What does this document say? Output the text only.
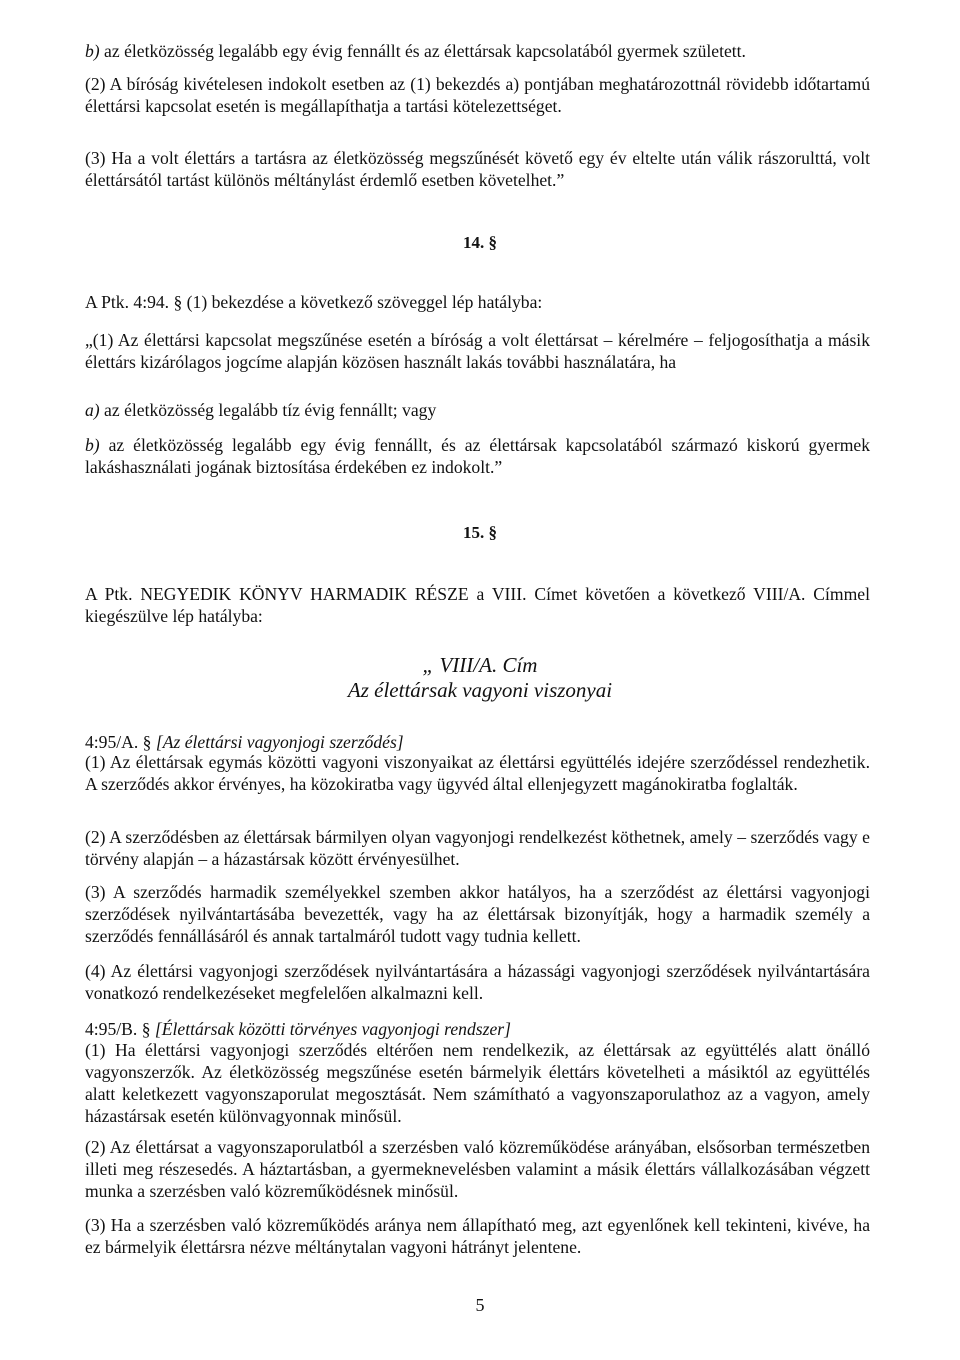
b) az életközösség legalább egy évig fennállt és az élettársak kapcsolatából gyermek született.

(2) A bíróság kivételesen indokolt esetben az (1) bekezdés a) pontjában meghatározottnál rövidebb időtartamú élettársi kapcsolat esetén is megállapíthatja a tartási kötelezettséget.

(3) Ha a volt élettárs a tartásra az életközösség megszűnését követő egy év eltelte után válik rászorulttá, volt élettársától tartást különös méltánylást érdemlő esetben követelhet.”

14. §

A Ptk. 4:94. § (1) bekezdése a következő szöveggel lép hatályba:

„(1) Az élettársi kapcsolat megszűnése esetén a bíróság a volt élettársat – kérelmére – feljogosíthatja a másik élettárs kizárólagos jogcíme alapján közösen használt lakás további használatára, ha

a) az életközösség legalább tíz évig fennállt; vagy

b) az életközösség legalább egy évig fennállt, és az élettársak kapcsolatából származó kiskorú gyermek lakáshasználati jogának biztosítása érdekében ez indokolt.”

15. §

A Ptk. NEGYEDIK KÖNYV HARMADIK RÉSZE a VIII. Címet követően a következő VIII/A. Címmel kiegészülve lép hatályba:

„ VIII/A. Cím

Az élettársak vagyoni viszonyai

4:95/A. § [Az élettársi vagyonjogi szerződés]

(1) Az élettársak egymás közötti vagyoni viszonyaikat az élettársi együttélés idejére szerződéssel rendezhetik. A szerződés akkor érvényes, ha közokiratba vagy ügyvéd által ellenjegyzett magánokiratba foglalták.

(2) A szerződésben az élettársak bármilyen olyan vagyonjogi rendelkezést köthetnek, amely – szerződés vagy e törvény alapján – a házastársak között érvényesülhet.

(3) A szerződés harmadik személyekkel szemben akkor hatályos, ha a szerződést az élettársi vagyonjogi szerződések nyilvántartásába bevezették, vagy ha az élettársak bizonyítják, hogy a harmadik személy a szerződés fennállásáról és annak tartalmáról tudott vagy tudnia kellett.

(4) Az élettársi vagyonjogi szerződések nyilvántartására a házassági vagyonjogi szerződések nyilvántartására vonatkozó rendelkezéseket megfelelően alkalmazni kell.

4:95/B. § [Élettársak közötti törvényes vagyonjogi rendszer]

(1) Ha élettársi vagyonjogi szerződés eltérően nem rendelkezik, az élettársak az együttélés alatt önálló vagyonszerzők. Az életközösség megszűnése esetén bármelyik élettárs követelheti a másiktól az együttélés alatt keletkezett vagyonszaporulat megosztását. Nem számítható a vagyonszaporulathoz az a vagyon, amely házastársak esetén különvagyonnak minősül.

(2) Az élettársat a vagyonszaporulatból a szerzésben való közreműködése arányában, elsősorban természetben illeti meg részesedés. A háztartásban, a gyermeknevelésben valamint a másik élettárs vállalkozásában végzett munka a szerzésben való közreműködésnek minősül.

(3) Ha a szerzésben való közreműködés aránya nem állapítható meg, azt egyenlőnek kell tekinteni, kivéve, ha ez bármelyik élettársra nézve méltánytalan vagyoni hátrányt jelentene.

5
